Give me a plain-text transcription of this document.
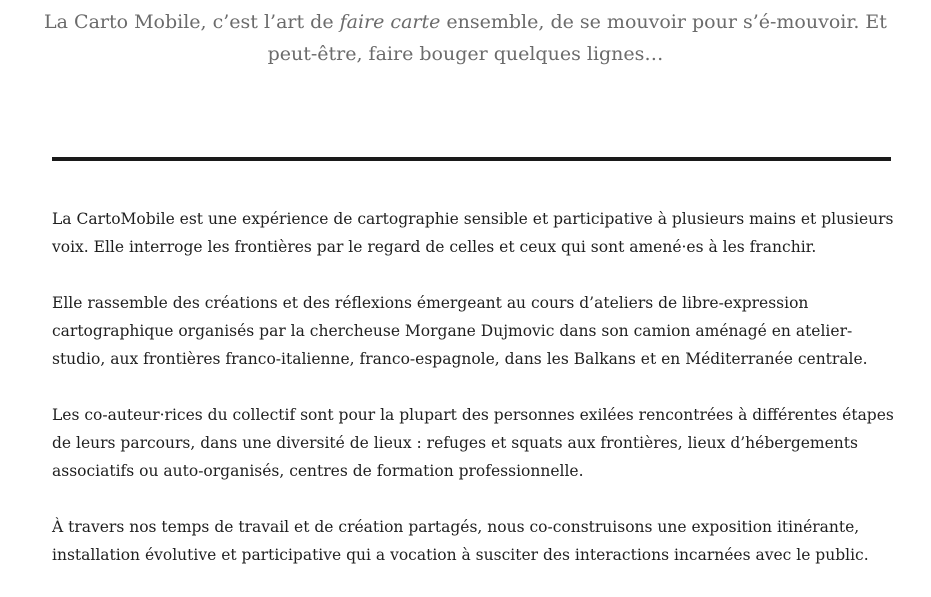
La Carto Mobile, c’est l’art de faire carte ensemble, de se mouvoir pour s’é-mouvoir. Et peut-être, faire bouger quelques lignes…

La CartoMobile est une expérience de cartographie sensible et participative à plusieurs mains et plusieurs voix. Elle interroge les frontières par le regard de celles et ceux qui sont amené·es à les franchir.

Elle rassemble des créations et des réflexions émergeant au cours d’ateliers de libre-expression cartographique organisés par la chercheuse Morgane Dujmovic dans son camion aménagé en atelier-studio, aux frontières franco-italienne, franco-espagnole, dans les Balkans et en Méditerranée centrale.

Les co-auteur·rices du collectif sont pour la plupart des personnes exilées rencontrées à différentes étapes de leurs parcours, dans une diversité de lieux : refuges et squats aux frontières, lieux d’hébergements associatifs ou auto-organisés, centres de formation professionnelle.

À travers nos temps de travail et de création partagés, nous co-construisons une exposition itinérante, installation évolutive et participative qui a vocation à susciter des interactions incarnées avec le public.
